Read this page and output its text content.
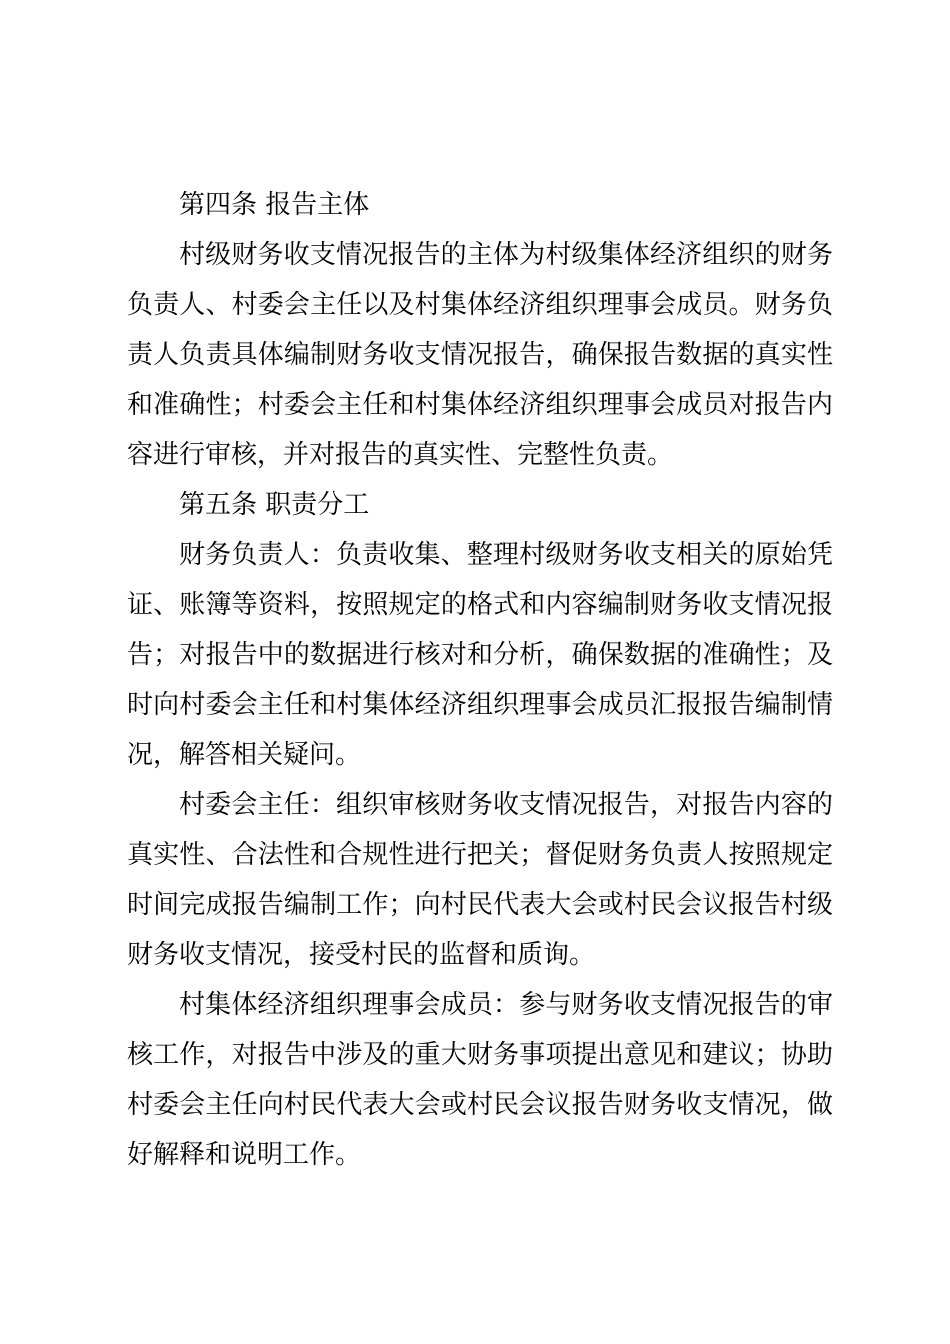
第四条 报告主体
村级财务收支情况报告的主体为村级集体经济组织的财务
负责人、村委会主任以及村集体经济组织理事会成员。财务负
责人负责具体编制财务收支情况报告，确保报告数据的真实性
和准确性；村委会主任和村集体经济组织理事会成员对报告内
容进行审核，并对报告的真实性、完整性负责。
第五条 职责分工
财务负责人：负责收集、整理村级财务收支相关的原始凭
证、账簿等资料，按照规定的格式和内容编制财务收支情况报
告；对报告中的数据进行核对和分析，确保数据的准确性；及
时向村委会主任和村集体经济组织理事会成员汇报报告编制情
况，解答相关疑问。
村委会主任：组织审核财务收支情况报告，对报告内容的
真实性、合法性和合规性进行把关；督促财务负责人按照规定
时间完成报告编制工作；向村民代表大会或村民会议报告村级
财务收支情况，接受村民的监督和质询。
村集体经济组织理事会成员：参与财务收支情况报告的审
核工作，对报告中涉及的重大财务事项提出意见和建议；协助
村委会主任向村民代表大会或村民会议报告财务收支情况，做
好解释和说明工作。
